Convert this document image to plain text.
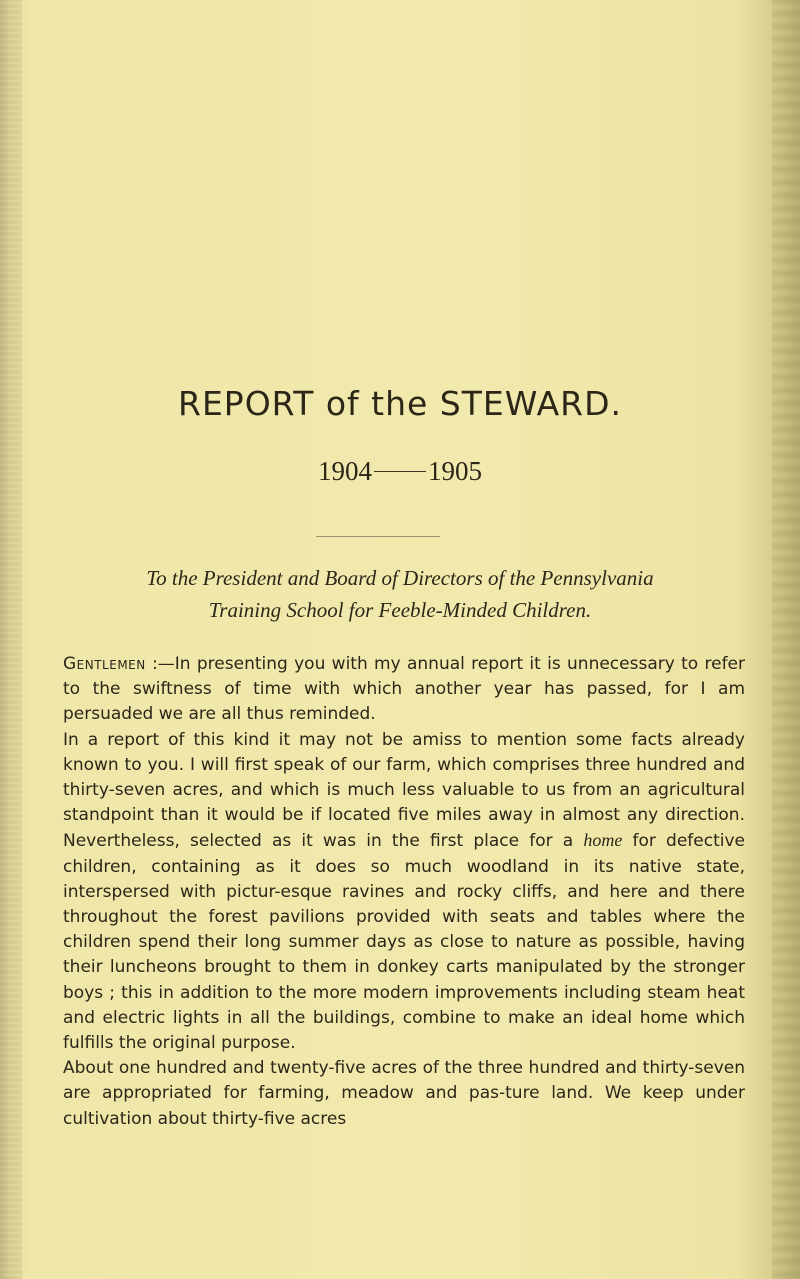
REPORT of the STEWARD.
1904 1905
To the President and Board of Directors of the Pennsylvania
Training School for Feeble-Minded Children.

Gentlemen :—In presenting you with my annual report it is unnecessary to refer to the swiftness of time with which another year has passed, for I am persuaded we are all thus reminded.

In a report of this kind it may not be amiss to mention some facts already known to you. I will first speak of our farm, which comprises three hundred and thirty-seven acres, and which is much less valuable to us from an agricultural standpoint than it would be if located five miles away in almost any direction. Nevertheless, selected as it was in the first place for a home for defective children, containing as it does so much woodland in its native state, interspersed with pictur-esque ravines and rocky cliffs, and here and there throughout the forest pavilions provided with seats and tables where the children spend their long summer days as close to nature as possible, having their luncheons brought to them in donkey carts manipulated by the stronger boys ; this in addition to the more modern improvements including steam heat and electric lights in all the buildings, combine to make an ideal home which fulfills the original purpose.

About one hundred and twenty-five acres of the three hundred and thirty-seven are appropriated for farming, meadow and pas-ture land. We keep under cultivation about thirty-five acres
